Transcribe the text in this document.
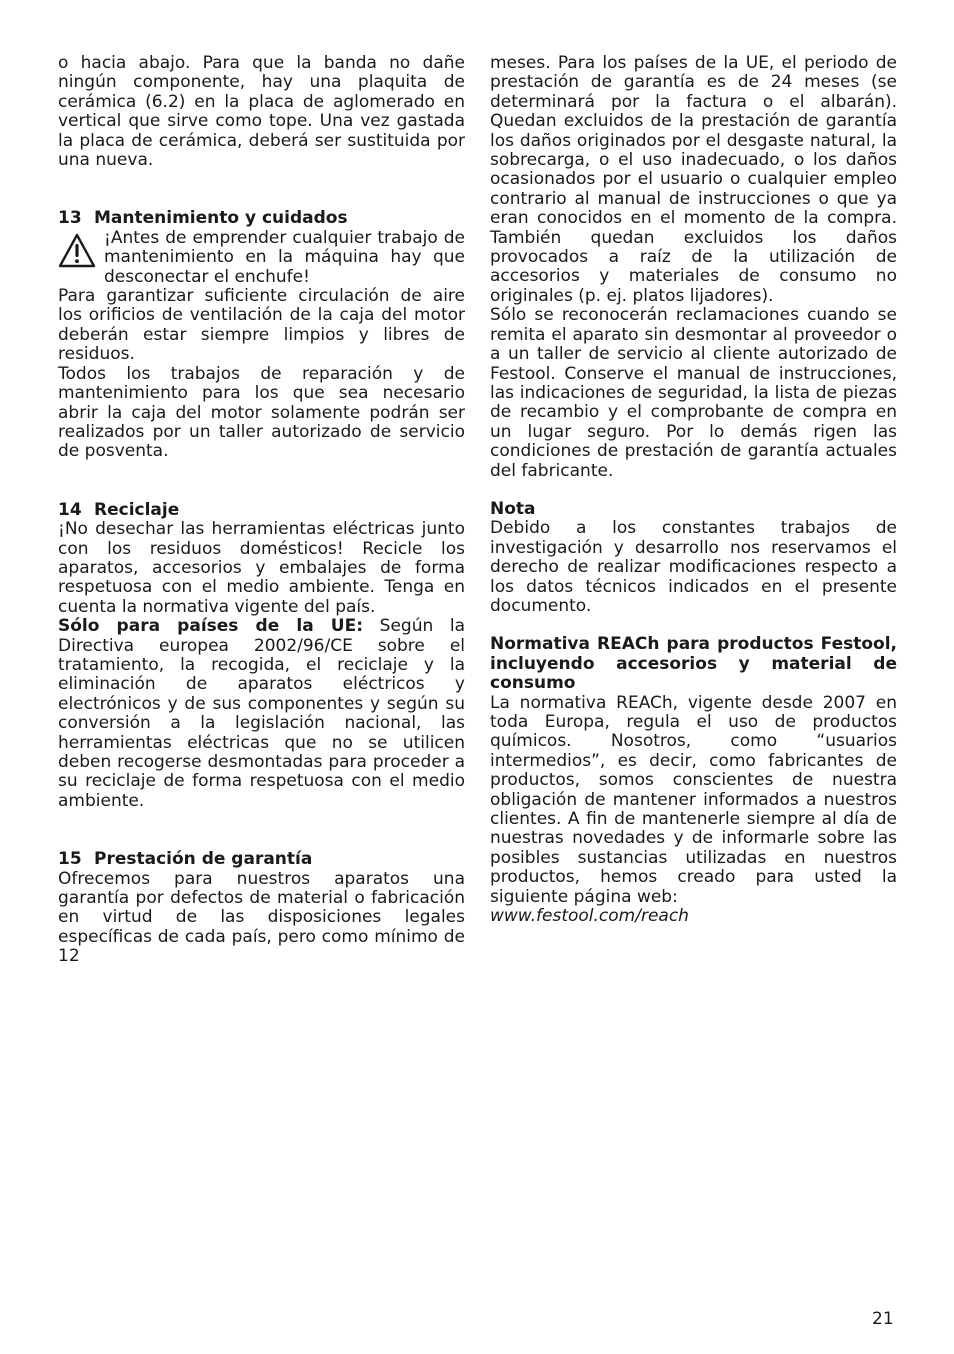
o hacia abajo. Para que la banda no dañe ningún componente, hay una plaquita de cerámica (6.2) en la placa de aglomerado en vertical que sirve como tope. Una vez gastada la placa de cerámica, deberá ser sustituida por una nueva.

13 Mantenimiento y cuidados
¡Antes de emprender cualquier trabajo de mantenimiento en la máquina hay que desconectar el enchufe!

Para garantizar suficiente circulación de aire los orificios de ventilación de la caja del motor deberán estar siempre limpios y libres de residuos.

Todos los trabajos de reparación y de mantenimiento para los que sea necesario abrir la caja del motor solamente podrán ser realizados por un taller autorizado de servicio de posventa.

14 Reciclaje

¡No desechar las herramientas eléctricas junto con los residuos domésticos! Recicle los aparatos, accesorios y embalajes de forma respetuosa con el medio ambiente. Tenga en cuenta la normativa vigente del país.

Sólo para países de la UE: Según la Directiva europea 2002/96/CE sobre el tratamiento, la recogida, el reciclaje y la eliminación de aparatos eléctricos y electrónicos y de sus componentes y según su conversión a la legislación nacional, las herramientas eléctricas que no se utilicen deben recogerse desmontadas para proceder a su reciclaje de forma respetuosa con el medio ambiente.

15 Prestación de garantía

Ofrecemos para nuestros aparatos una garantía por defectos de material o fabricación en virtud de las disposiciones legales específicas de cada país, pero como mínimo de 12

meses. Para los países de la UE, el periodo de prestación de garantía es de 24 meses (se determinará por la factura o el albarán). Quedan excluidos de la prestación de garantía los daños originados por el desgaste natural, la sobrecarga, o el uso inadecuado, o los daños ocasionados por el usuario o cualquier empleo contrario al manual de instrucciones o que ya eran conocidos en el momento de la compra. También quedan excluidos los daños provocados a raíz de la utilización de accesorios y materiales de consumo no originales (p. ej. platos lijadores).

Sólo se reconocerán reclamaciones cuando se remita el aparato sin desmontar al proveedor o a un taller de servicio al cliente autorizado de Festool. Conserve el manual de instrucciones, las indicaciones de seguridad, la lista de piezas de recambio y el comprobante de compra en un lugar seguro. Por lo demás rigen las condiciones de prestación de garantía actuales del fabricante.

Nota

Debido a los constantes trabajos de investigación y desarrollo nos reservamos el derecho de realizar modificaciones respecto a los datos técnicos indicados en el presente documento.

Normativa REACh para productos Festool, incluyendo accesorios y material de consumo

La normativa REACh, vigente desde 2007 en toda Europa, regula el uso de productos químicos. Nosotros, como “usuarios intermedios”, es decir, como fabricantes de productos, somos conscientes de nuestra obligación de mantener informados a nuestros clientes. A fin de mantenerle siempre al día de nuestras novedades y de informarle sobre las posibles sustancias utilizadas en nuestros productos, hemos creado para usted la siguiente página web:

www.festool.com/reach

21
